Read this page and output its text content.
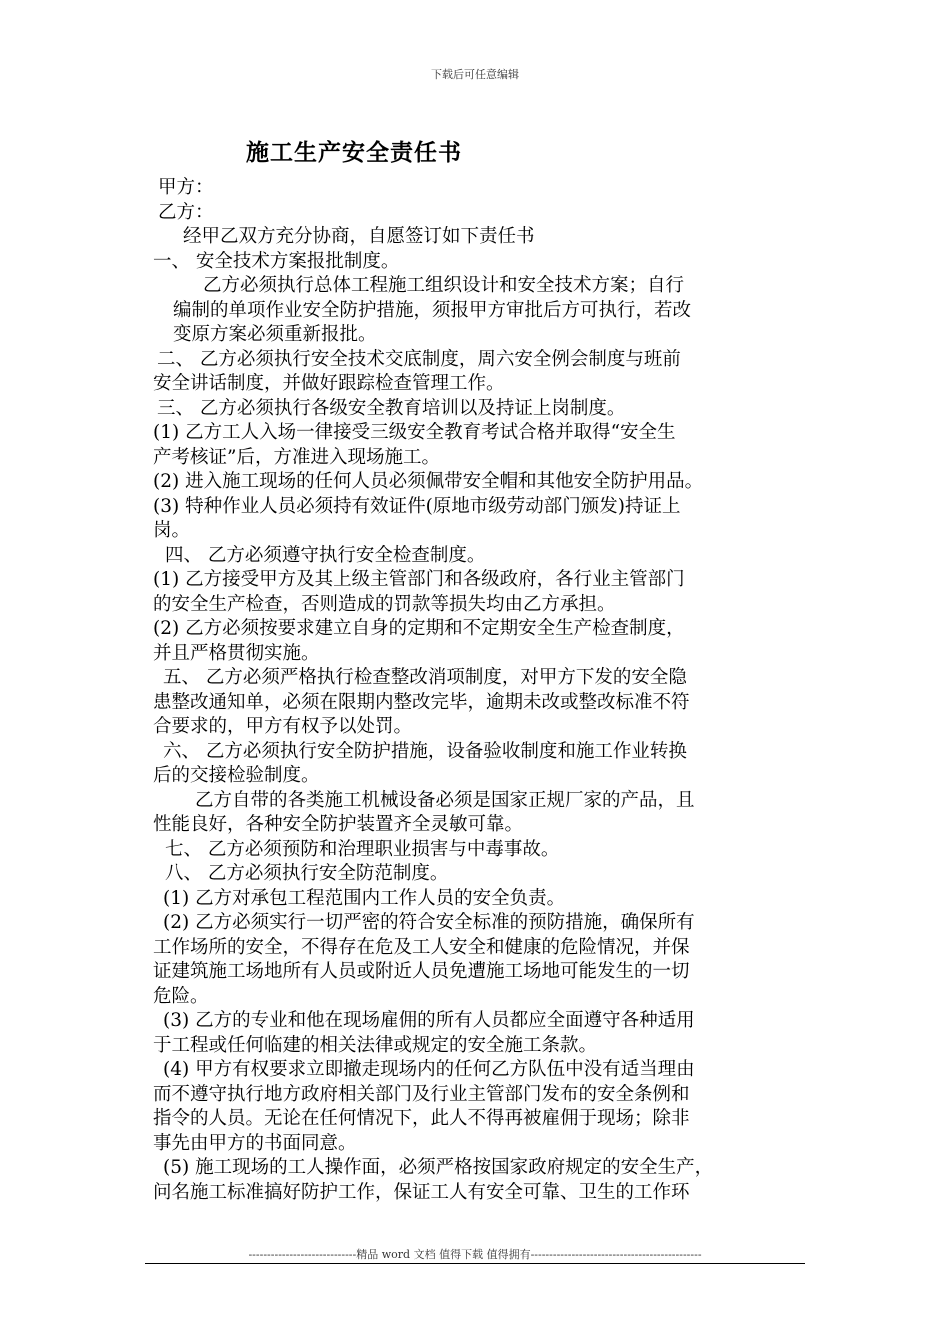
下载后可任意编辑
施工生产安全责任书
甲方：
乙方：
经甲乙双方充分协商，自愿签订如下责任书
一、 安全技术方案报批制度。
乙方必须执行总体工程施工组织设计和安全技术方案；自行
编制的单项作业安全防护措施，须报甲方审批后方可执行，若改
变原方案必须重新报批。
二、 乙方必须执行安全技术交底制度，周六安全例会制度与班前
安全讲话制度，并做好跟踪检查管理工作。
三、 乙方必须执行各级安全教育培训以及持证上岗制度。
(1) 乙方工人入场一律接受三级安全教育考试合格并取得“安全生
产考核证”后，方准进入现场施工。
(2) 进入施工现场的任何人员必须佩带安全帽和其他安全防护用品。
(3) 特种作业人员必须持有效证件(原地市级劳动部门颁发)持证上
岗。
四、 乙方必须遵守执行安全检查制度。
(1) 乙方接受甲方及其上级主管部门和各级政府，各行业主管部门
的安全生产检查，否则造成的罚款等损失均由乙方承担。
(2) 乙方必须按要求建立自身的定期和不定期安全生产检查制度，
并且严格贯彻实施。
五、 乙方必须严格执行检查整改消项制度，对甲方下发的安全隐
患整改通知单，必须在限期内整改完毕，逾期未改或整改标准不符
合要求的，甲方有权予以处罚。
六、 乙方必须执行安全防护措施，设备验收制度和施工作业转换
后的交接检验制度。
乙方自带的各类施工机械设备必须是国家正规厂家的产品，且
性能良好，各种安全防护装置齐全灵敏可靠。
七、 乙方必须预防和治理职业损害与中毒事故。
八、 乙方必须执行安全防范制度。
(1) 乙方对承包工程范围内工作人员的安全负责。
(2) 乙方必须实行一切严密的符合安全标准的预防措施，确保所有
工作场所的安全，不得存在危及工人安全和健康的危险情况，并保
证建筑施工场地所有人员或附近人员免遭施工场地可能发生的一切
危险。
(3) 乙方的专业和他在现场雇佣的所有人员都应全面遵守各种适用
于工程或任何临建的相关法律或规定的安全施工条款。
(4) 甲方有权要求立即撤走现场内的任何乙方队伍中没有适当理由
而不遵守执行地方政府相关部门及行业主管部门发布的安全条例和
指令的人员。无论在任何情况下，此人不得再被雇佣于现场；除非
事先由甲方的书面同意。
(5) 施工现场的工人操作面，必须严格按国家政府规定的安全生产，
问名施工标准搞好防护工作，保证工人有安全可靠、卫生的工作环
-----------------------------精品 word 文档 值得下载 值得拥有----------------------------------------------
